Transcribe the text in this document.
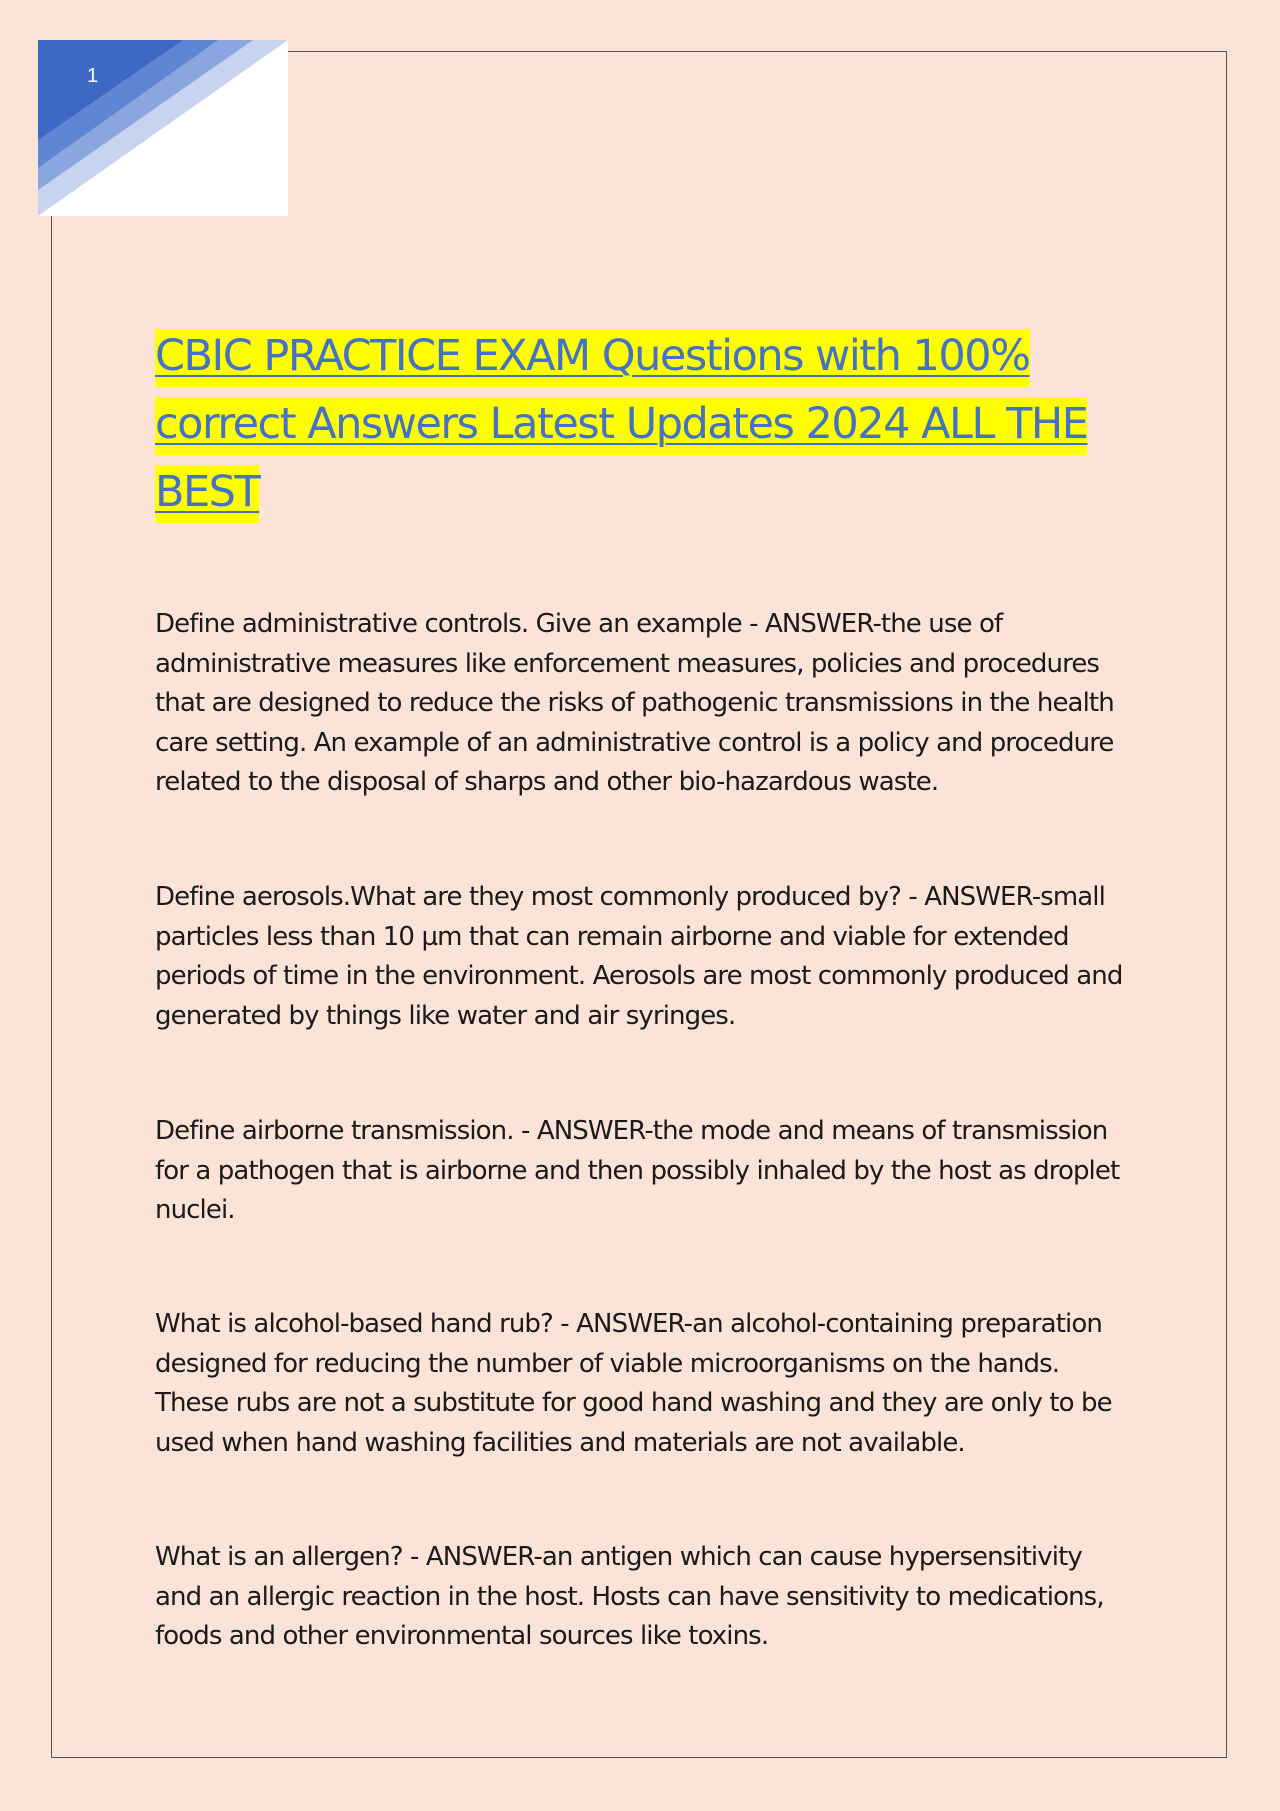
1
CBIC PRACTICE EXAM Questions with 100% correct Answers Latest Updates 2024 ALL THE BEST

Define administrative controls. Give an example - ANSWER-the use of administrative measures like enforcement measures, policies and procedures that are designed to reduce the risks of pathogenic transmissions in the health care setting. An example of an administrative control is a policy and procedure related to the disposal of sharps and other bio-hazardous waste.

Define aerosols.What are they most commonly produced by? - ANSWER-small particles less than 10 µm that can remain airborne and viable for extended periods of time in the environment. Aerosols are most commonly produced and generated by things like water and air syringes.

Define airborne transmission. - ANSWER-the mode and means of transmission for a pathogen that is airborne and then possibly inhaled by the host as droplet nuclei.

What is alcohol-based hand rub? - ANSWER-an alcohol-containing preparation designed for reducing the number of viable microorganisms on the hands. These rubs are not a substitute for good hand washing and they are only to be used when hand washing facilities and materials are not available.

What is an allergen? - ANSWER-an antigen which can cause hypersensitivity and an allergic reaction in the host. Hosts can have sensitivity to medications, foods and other environmental sources like toxins.
